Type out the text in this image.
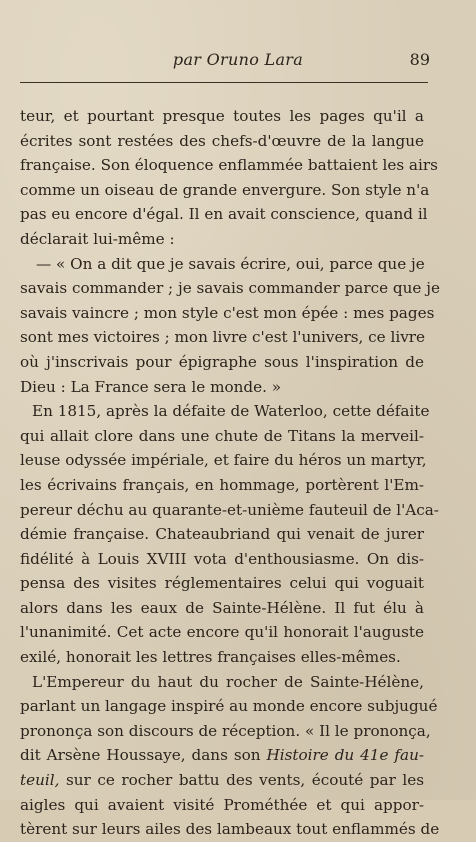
par Oruno Lara	89
teur, et pourtant presque toutes les pages qu'il a
écrites sont restées des chefs-d'œuvre de la langue
française. Son éloquence enflammée battaient les airs
comme un oiseau de grande envergure. Son style n'a
pas eu encore d'égal. Il en avait conscience, quand il
déclarait lui-même :
— « On a dit que je savais écrire, oui, parce que je
savais commander ; je savais commander parce que je
savais vaincre ; mon style c'est mon épée : mes pages
sont mes victoires ; mon livre c'est l'univers, ce livre
où j'inscrivais pour épigraphe sous l'inspiration de
Dieu : La France sera le monde. »
En 1815, après la défaite de Waterloo, cette défaite
qui allait clore dans une chute de Titans la merveil-
leuse odyssée impériale, et faire du héros un martyr,
les écrivains français, en hommage, portèrent l'Em-
pereur déchu au quarante-et-unième fauteuil de l'Aca-
démie française. Chateaubriand qui venait de jurer
fidélité à Louis XVIII vota d'enthousiasme. On dis-
pensa des visites réglementaires celui qui voguait
alors dans les eaux de Sainte-Hélène. Il fut élu à
l'unanimité. Cet acte encore qu'il honorait l'auguste
exilé, honorait les lettres françaises elles-mêmes.
L'Empereur du haut du rocher de Sainte-Hélène,
parlant un langage inspiré au monde encore subjugué
prononça son discours de réception. « Il le prononça,
dit Arsène Houssaye, dans son Histoire du 41e fau-
teuil, sur ce rocher battu des vents, écouté par les
aigles qui avaient visité Prométhée et qui appor-
tèrent sur leurs ailes des lambeaux tout enflammés de
